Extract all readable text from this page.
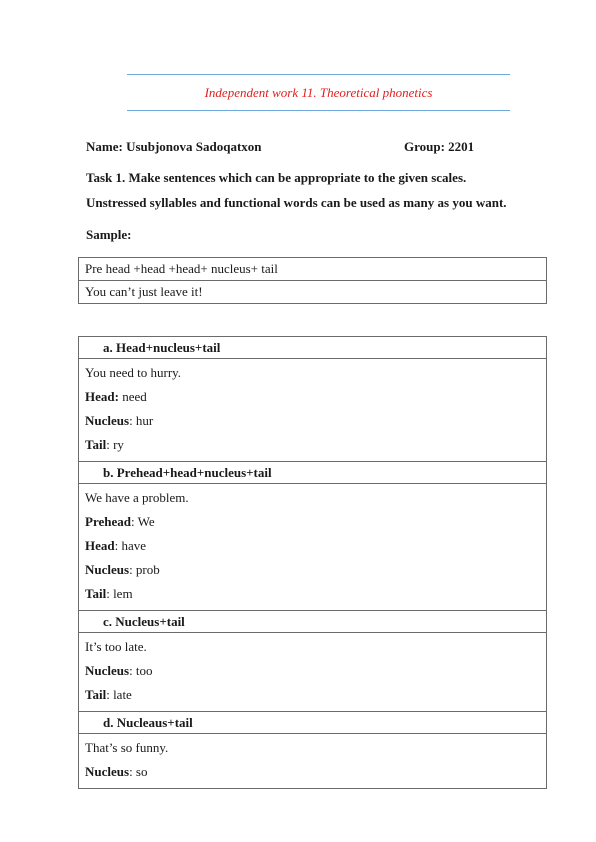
Independent work 11. Theoretical phonetics
Name: Usubjonova Sadoqatxon	Group: 2201
Task 1. Make sentences which can be appropriate to the given scales.
Unstressed syllables and functional words can be used as many as you want.
Sample:
Pre head +head +head+ nucleus+ tail
You can’t just leave it!
a. Head+nucleus+tail

You need to hurry.
Head: need
Nucleus: hur
Tail: ry

b. Prehead+head+nucleus+tail

We have a problem.
Prehead: We
Head: have
Nucleus: prob
Tail: lem

c. Nucleus+tail

It’s too late.
Nucleus: too
Tail: late

d. Nucleaus+tail

That’s so funny.
Nucleus: so
